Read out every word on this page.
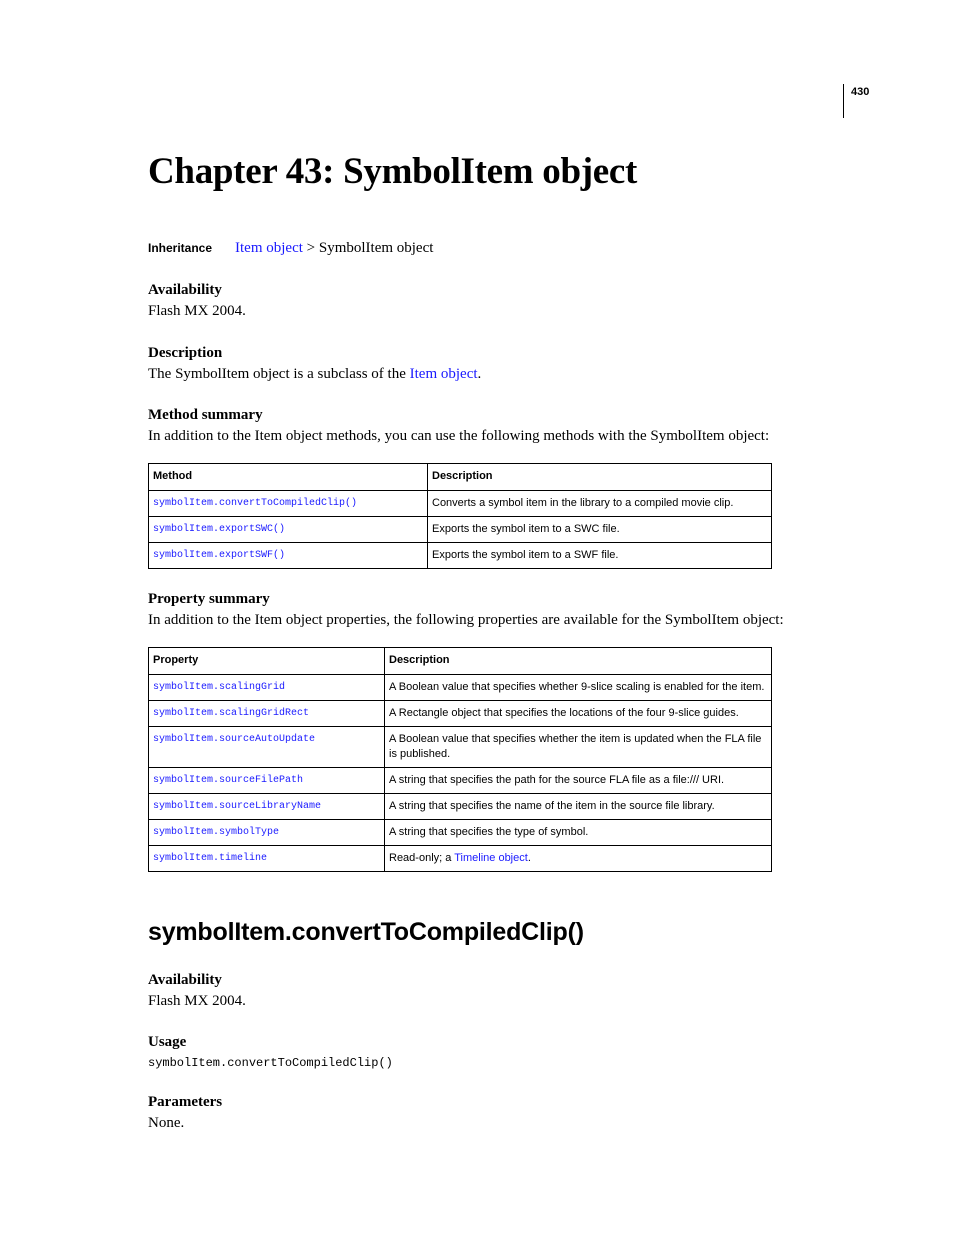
430
Chapter 43: SymbolItem object
Inheritance Item object > SymbolItem object
Availability

Flash MX 2004.

Description

The SymbolItem object is a subclass of the Item object.

Method summary

In addition to the Item object methods, you can use the following methods with the SymbolItem object:

Method	Description
symbolItem.convertToCompiledClip()	Converts a symbol item in the library to a compiled movie clip.
symbolItem.exportSWC()	Exports the symbol item to a SWC file.
symbolItem.exportSWF()	Exports the symbol item to a SWF file.
Property summary

In addition to the Item object properties, the following properties are available for the SymbolItem object:

Property	Description
symbolItem.scalingGrid	A Boolean value that specifies whether 9-slice scaling is enabled for the item.
symbolItem.scalingGridRect	A Rectangle object that specifies the locations of the four 9-slice guides.
symbolItem.sourceAutoUpdate	A Boolean value that specifies whether the item is updated when the FLA file is published.
symbolItem.sourceFilePath	A string that specifies the path for the source FLA file as a file:/// URI.
symbolItem.sourceLibraryName	A string that specifies the name of the item in the source file library.
symbolItem.symbolType	A string that specifies the type of symbol.
symbolItem.timeline	Read-only; a Timeline object.
symbolItem.convertToCompiledClip()
Availability

Flash MX 2004.

Usage

symbolItem.convertToCompiledClip()

Parameters

None.
